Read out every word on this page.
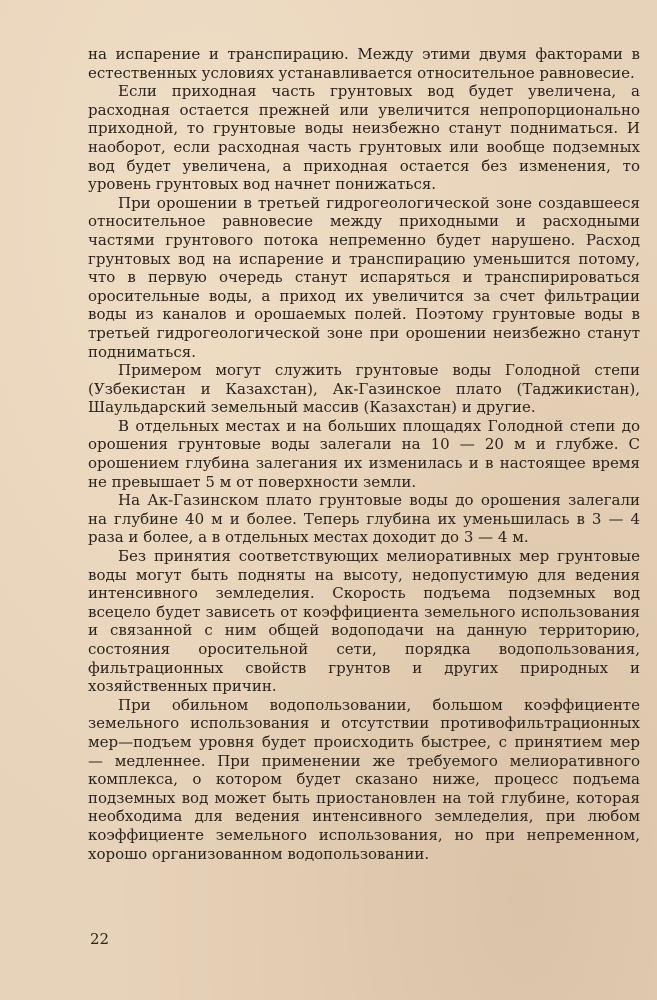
на испарение и транспирацию. Между этими двумя факторами в естественных условиях устанавливается относительное равновесие.

Если приходная часть грунтовых вод будет увеличена, а расходная остается прежней или увеличится непропорционально приходной, то грунтовые воды неизбежно станут подниматься. И наоборот, если расходная часть грунтовых или вообще подземных вод будет увеличена, а приходная остается без изменения, то уровень грунтовых вод начнет понижаться.

При орошении в третьей гидрогеологической зоне создавшееся относительное равновесие между приходными и расходными частями грунтового потока непременно будет нарушено. Расход грунтовых вод на испарение и транспирацию уменьшится потому, что в первую очередь станут испаряться и транспирироваться оросительные воды, а приход их увеличится за счет фильтрации воды из каналов и орошаемых полей. Поэтому грунтовые воды в третьей гидрогеологической зоне при орошении неизбежно станут подниматься.

Примером могут служить грунтовые воды Голодной степи (Узбекистан и Казахстан), Ак-Газинское плато (Таджикистан), Шаульдарский земельный массив (Казахстан) и другие.

В отдельных местах и на больших площадях Голодной степи до орошения грунтовые воды залегали на 10 — 20 м и глубже. С орошением глубина залегания их изменилась и в настоящее время не превышает 5 м от поверхности земли.

На Ак-Газинском плато грунтовые воды до орошения залегали на глубине 40 м и более. Теперь глубина их уменьшилась в 3 — 4 раза и более, а в отдельных местах доходит до 3 — 4 м.

Без принятия соответствующих мелиоративных мер грунтовые воды могут быть подняты на высоту, недопустимую для ведения интенсивного земледелия. Скорость подъема подземных вод всецело будет зависеть от коэффициента земельного использования и связанной с ним общей водоподачи на данную территорию, состояния оросительной сети, порядка водопользования, фильтрационных свойств грунтов и других природных и хозяйственных причин.

При обильном водопользовании, большом коэффициенте земельного использования и отсутствии противофильтрационных мер—подъем уровня будет происходить быстрее, с принятием мер — медленнее. При применении же требуемого мелиоративного комплекса, о котором будет сказано ниже, процесс подъема подземных вод может быть приостановлен на той глубине, которая необходима для ведения интенсивного земледелия, при любом коэффициенте земельного использования, но при непременном, хорошо организованном водопользовании.

22
